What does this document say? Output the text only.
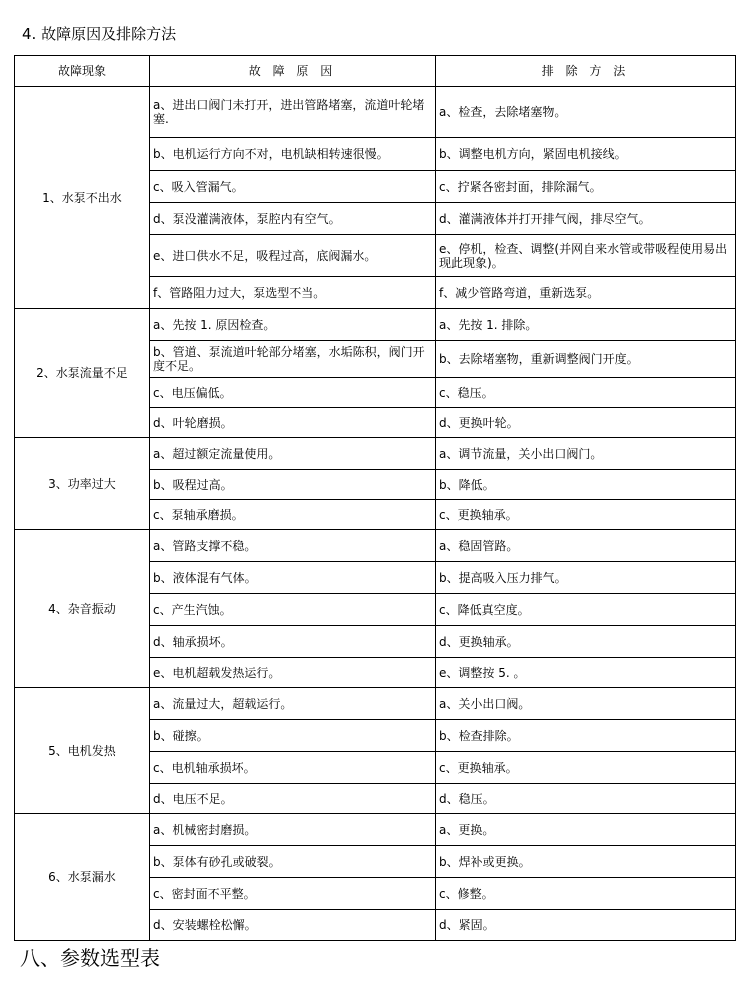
4. 故障原因及排除方法
故障现象	故 障 原 因	排 除 方 法
1、水泵不出水	a、进出口阀门未打开，进出管路堵塞，流道叶轮堵塞.	a、检查，去除堵塞物。
	b、电机运行方向不对，电机缺相转速很慢。	b、调整电机方向，紧固电机接线。
	c、吸入管漏气。	c、拧紧各密封面，排除漏气。
	d、泵没灌满液体，泵腔内有空气。	d、灌满液体并打开排气阀，排尽空气。
	e、进口供水不足，吸程过高，底阀漏水。	e、停机，检查、调整(并网自来水管或带吸程使用易出现此现象)。
	f、管路阻力过大，泵选型不当。	f、减少管路弯道，重新选泵。
2、水泵流量不足	a、先按 1. 原因检查。	a、先按 1. 排除。
	b、管道、泵流道叶轮部分堵塞，水垢陈积，阀门开度不足。	b、去除堵塞物，重新调整阀门开度。
	c、电压偏低。	c、稳压。
	d、叶轮磨损。	d、更换叶轮。
3、功率过大	a、超过额定流量使用。	a、调节流量，关小出口阀门。
	b、吸程过高。	b、降低。
	c、泵轴承磨损。	c、更换轴承。
4、杂音振动	a、管路支撑不稳。	a、稳固管路。
	b、液体混有气体。	b、提高吸入压力排气。
	c、产生汽蚀。	c、降低真空度。
	d、轴承损坏。	d、更换轴承。
	e、电机超载发热运行。	e、调整按 5. 。
5、电机发热	a、流量过大，超载运行。	a、关小出口阀。
	b、碰擦。	b、检查排除。
	c、电机轴承损坏。	c、更换轴承。
	d、电压不足。	d、稳压。
6、水泵漏水	a、机械密封磨损。	a、更换。
	b、泵体有砂孔或破裂。	b、焊补或更换。
	c、密封面不平整。	c、修整。
	d、安装螺栓松懈。	d、紧固。
八、参数选型表
